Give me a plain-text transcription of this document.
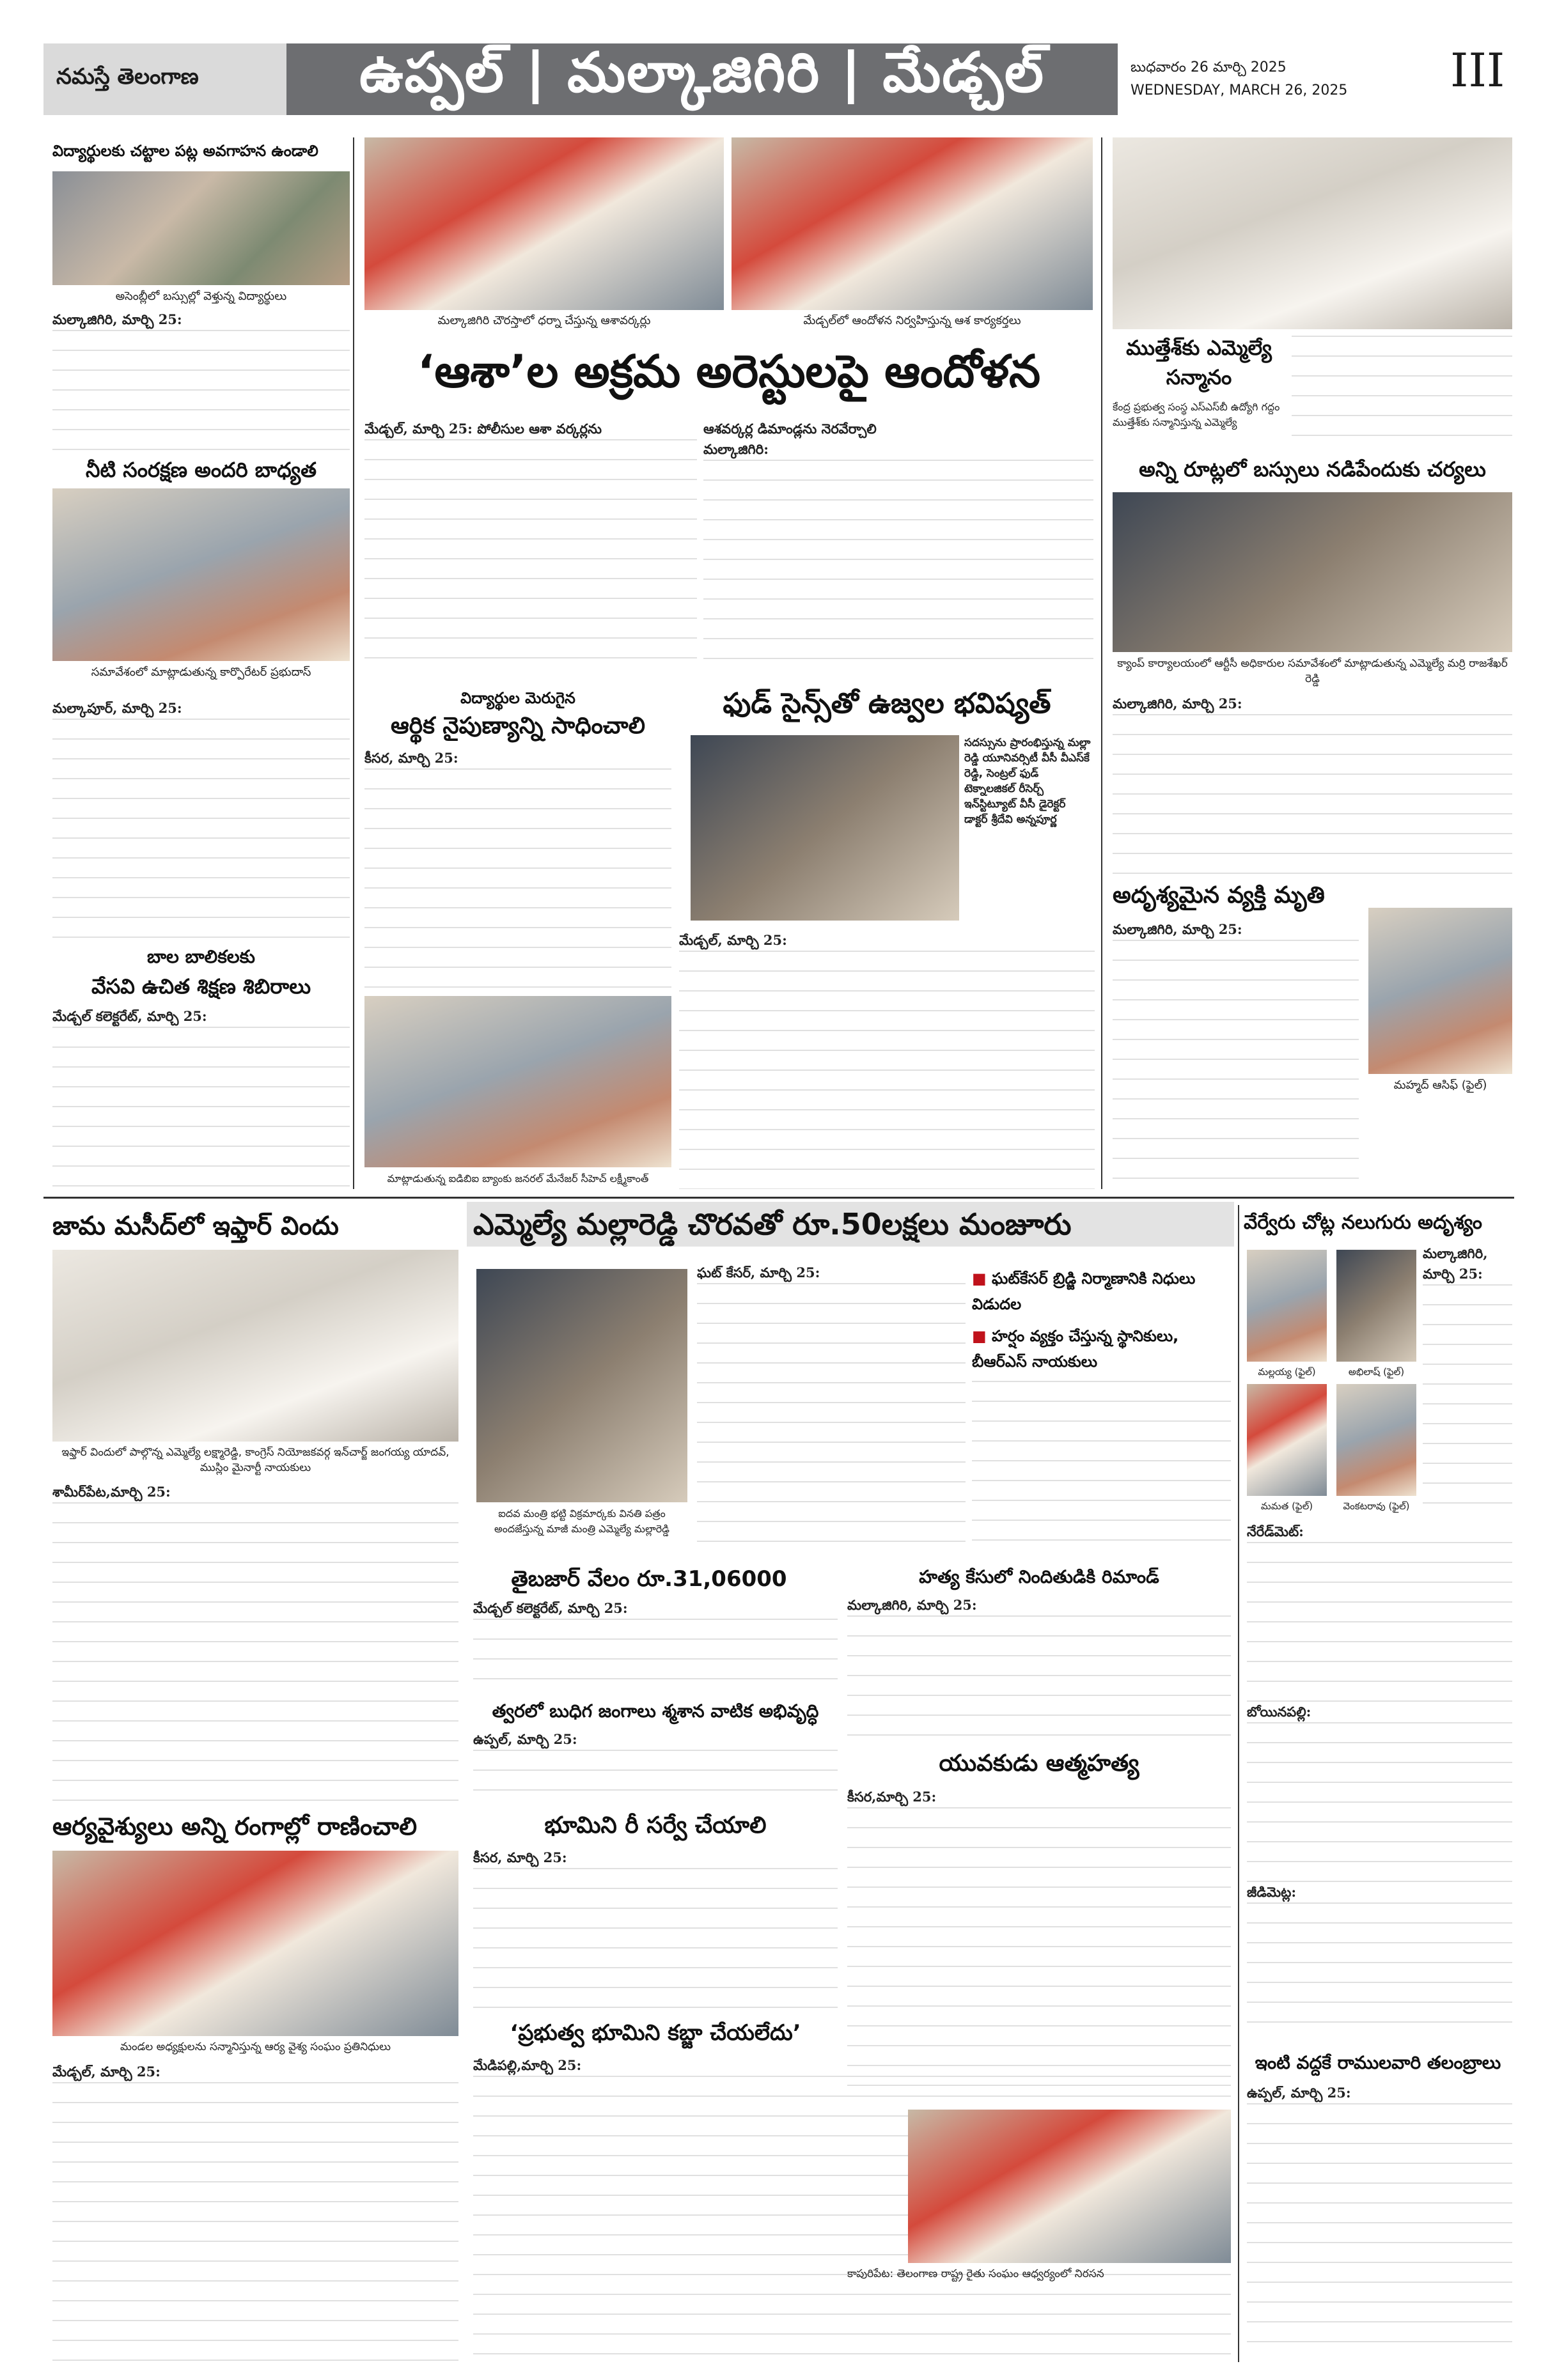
నమస్తే తెలంగాణ	ఉప్పల్ | మల్కాజిగిరి | మేడ్చల్	బుధవారం 26 మార్చి 2025
WEDNESDAY, MARCH 26, 2025 III
విద్యార్థులకు చట్టాల పట్ల అవగాహన ఉండాలి
అసెంబ్లీలో బస్సుల్లో వెళ్తున్న విద్యార్థులు
మల్కాజిగిరి, మార్చి 25:
నీటి సంరక్షణ అందరి బాధ్యత
సమావేశంలో మాట్లాడుతున్న కార్పొరేటర్ ప్రభుదాస్
మల్కాపూర్, మార్చి 25:
బాల బాలికలకు
వేసవి ఉచిత శిక్షణ శిబిరాలు
మేడ్చల్ కలెక్టరేట్, మార్చి 25:
మల్కాజిగిరి చౌరస్తాలో ధర్నా చేస్తున్న ఆశావర్కర్లు	మేడ్చల్‌లో ఆందోళన నిర్వహిస్తున్న ఆశ కార్యకర్తలు
‘ఆశా’ల అక్రమ అరెస్టులపై ఆందోళన
మేడ్చల్, మార్చి 25: పోలీసుల ఆశా వర్కర్లను	ఆశవర్కర్ల డిమాండ్లను నెరవేర్చాలి
మల్కాజిగిరి:
విద్యార్థుల మెరుగైన
ఆర్థిక నైపుణ్యాన్ని సాధించాలి
కీసర, మార్చి 25:
మాట్లాడుతున్న ఐడిబిఐ బ్యాంకు జనరల్ మేనేజర్ సీహెచ్ లక్ష్మీకాంత్
ఫుడ్ సైన్స్‌తో ఉజ్వల భవిష్యత్
సదస్సును ప్రారంభిస్తున్న మల్లా రెడ్డి యూనివర్సిటీ వీసీ వీఎస్‌కే రెడ్డి, సెంట్రల్ ఫుడ్ టెక్నాలజికల్ రీసెర్చ్ ఇన్‌స్టిట్యూట్ వీసీ డైరెక్టర్ డాక్టర్ శ్రీదేవి అన్నపూర్ణ
మేడ్చల్, మార్చి 25:
ముత్తేశ్‌కు ఎమ్మెల్యే సన్మానం
కేంద్ర ప్రభుత్వ సంస్థ ఎస్‌ఎస్‌బీ ఉద్యోగి గద్దం ముత్తేశ్‌కు సన్మానిస్తున్న ఎమ్మెల్యే
అన్ని రూట్లలో బస్సులు నడిపేందుకు చర్యలు
క్యాంప్ కార్యాలయంలో ఆర్టీసీ అధికారుల సమావేశంలో మాట్లాడుతున్న ఎమ్మెల్యే మర్రి రాజశేఖర్ రెడ్డి
మల్కాజిగిరి, మార్చి 25:
అదృశ్యమైన వ్యక్తి మృతి
మల్కాజిగిరి, మార్చి 25:
మహ్మద్ ఆసిఫ్ (ఫైల్)
జామ మసీద్‌లో ఇఫ్తార్ విందు
ఇఫ్తార్ విందులో పాల్గొన్న ఎమ్మెల్యే లక్ష్మారెడ్డి, కాంగ్రెస్ నియోజకవర్గ ఇన్‌చార్జ్ జంగయ్య యాదవ్, ముస్లిం మైనార్టీ నాయకులు
శామీర్‌పేట,మార్చి 25:
ఆర్యవైశ్యులు అన్ని రంగాల్లో రాణించాలి
మండల అధ్యక్షులను సన్మానిస్తున్న ఆర్య వైశ్య సంఘం ప్రతినిధులు
మేడ్చల్, మార్చి 25:
ఎమ్మెల్యే మల్లారెడ్డి చొరవతో రూ.50లక్షలు మంజూరు
ఐదవ మంత్రి భట్టి విక్రమార్కకు వినతి పత్రం అందజేస్తున్న మాజీ మంత్రి ఎమ్మెల్యే మల్లారెడ్డి
ఘట్ కేసర్, మార్చి 25:
■	ఘట్‌కేసర్ బ్రిడ్జి నిర్మాణానికి నిధులు విడుదల
■ హర్షం వ్యక్తం చేస్తున్న స్థానికులు, బీఆర్‌ఎస్ నాయకులు
తైబజార్ వేలం రూ.31,06000
మేడ్చల్ కలెక్టరేట్, మార్చి 25:
త్వరలో బుధిగ జంగాలు శ్మశాన వాటిక అభివృద్ధి
ఉప్పల్, మార్చి 25:
భూమిని రీ సర్వే చేయాలి
కీసర, మార్చి 25:
‘ప్రభుత్వ భూమిని కబ్జా చేయలేదు’
మేడిపల్లి,మార్చి 25:
హత్య కేసులో నిందితుడికి రిమాండ్
మల్కాజిగిరి, మార్చి 25:
యువకుడు ఆత్మహత్య
కీసర,మార్చి 25:
కాపురిపేట: తెలంగాణ రాష్ట్ర రైతు సంఘం ఆధ్వర్యంలో నిరసన
వేర్వేరు చోట్ల నలుగురు అదృశ్యం
మల్లయ్య (ఫైల్)	అభిలాష్ (ఫైల్)
మమత (ఫైల్)	వెంకటరావు (ఫైల్)
మల్కాజిగిరి, మార్చి 25:
నేరేడ్‌మెట్:
బోయినపల్లి:
జీడిమెట్ల:
ఇంటి వద్దకే రాములవారి తలంబ్రాలు
ఉప్పల్, మార్చి 25:
